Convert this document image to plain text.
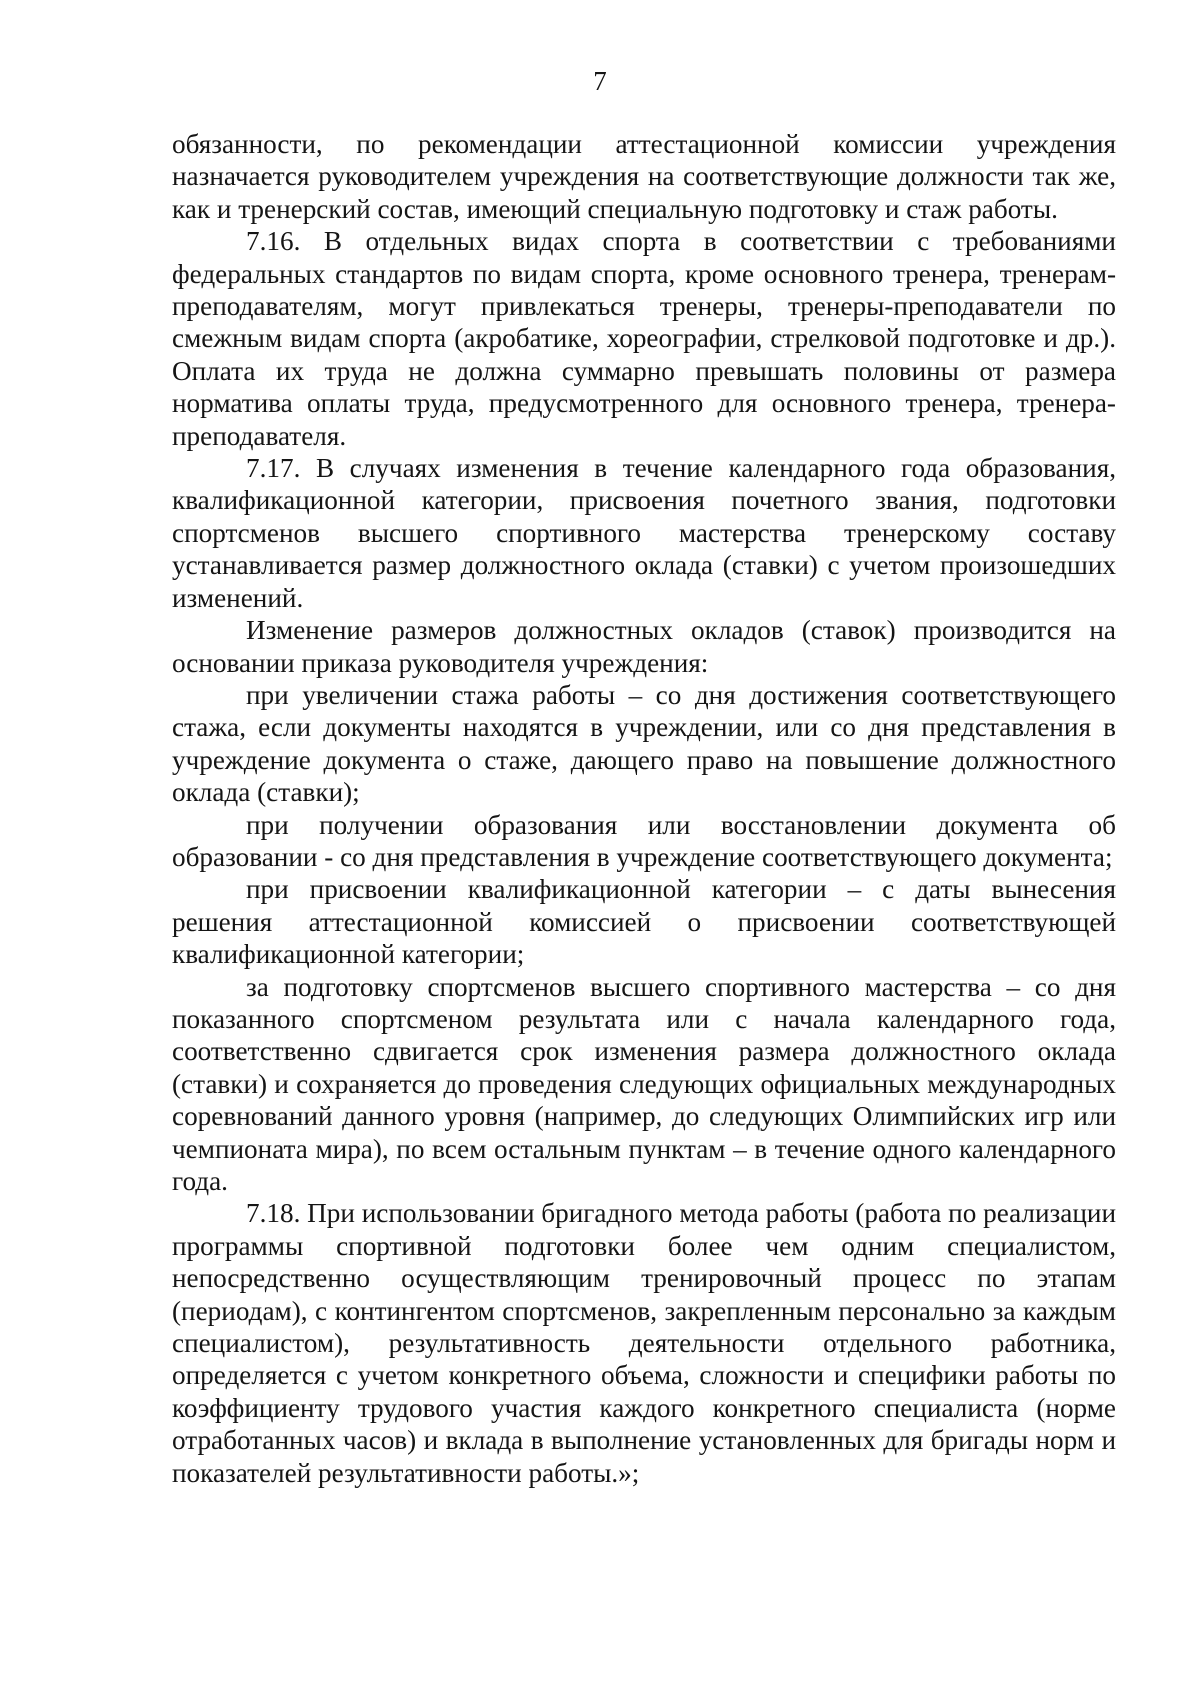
7

обязанности, по рекомендации аттестационной комиссии учреждения назначается руководителем учреждения на соответствующие должности так же, как и тренерский состав, имеющий специальную подготовку и стаж работы.

7.16. В отдельных видах спорта в соответствии с требованиями федеральных стандартов по видам спорта, кроме основного тренера, тренерам-преподавателям, могут привлекаться тренеры, тренеры-преподаватели по смежным видам спорта (акробатике, хореографии, стрелковой подготовке и др.). Оплата их труда не должна суммарно превышать половины от размера норматива оплаты труда, предусмотренного для основного тренера, тренера-преподавателя.

7.17. В случаях изменения в течение календарного года образования, квалификационной категории, присвоения почетного звания, подготовки спортсменов высшего спортивного мастерства тренерскому составу устанавливается размер должностного оклада (ставки) с учетом произошедших изменений.

Изменение размеров должностных окладов (ставок) производится на основании приказа руководителя учреждения:

при увеличении стажа работы – со дня достижения соответствующего стажа, если документы находятся в учреждении, или со дня представления в учреждение документа о стаже, дающего право на повышение должностного оклада (ставки);

при получении образования или восстановлении документа об образовании - со дня представления в учреждение соответствующего документа;

при присвоении квалификационной категории – с даты вынесения решения аттестационной комиссией о присвоении соответствующей квалификационной категории;

за подготовку спортсменов высшего спортивного мастерства – со дня показанного спортсменом результата или с начала календарного года, соответственно сдвигается срок изменения размера должностного оклада (ставки) и сохраняется до проведения следующих официальных международных соревнований данного уровня (например, до следующих Олимпийских игр или чемпионата мира), по всем остальным пунктам – в течение одного календарного года.

7.18. При использовании бригадного метода работы (работа по реализации программы спортивной подготовки более чем одним специалистом, непосредственно осуществляющим тренировочный процесс по этапам (периодам), с контингентом спортсменов, закрепленным персонально за каждым специалистом), результативность деятельности отдельного работника, определяется с учетом конкретного объема, сложности и специфики работы по коэффициенту трудового участия каждого конкретного специалиста (норме отработанных часов) и вклада в выполнение установленных для бригады норм и показателей результативности работы.»;
